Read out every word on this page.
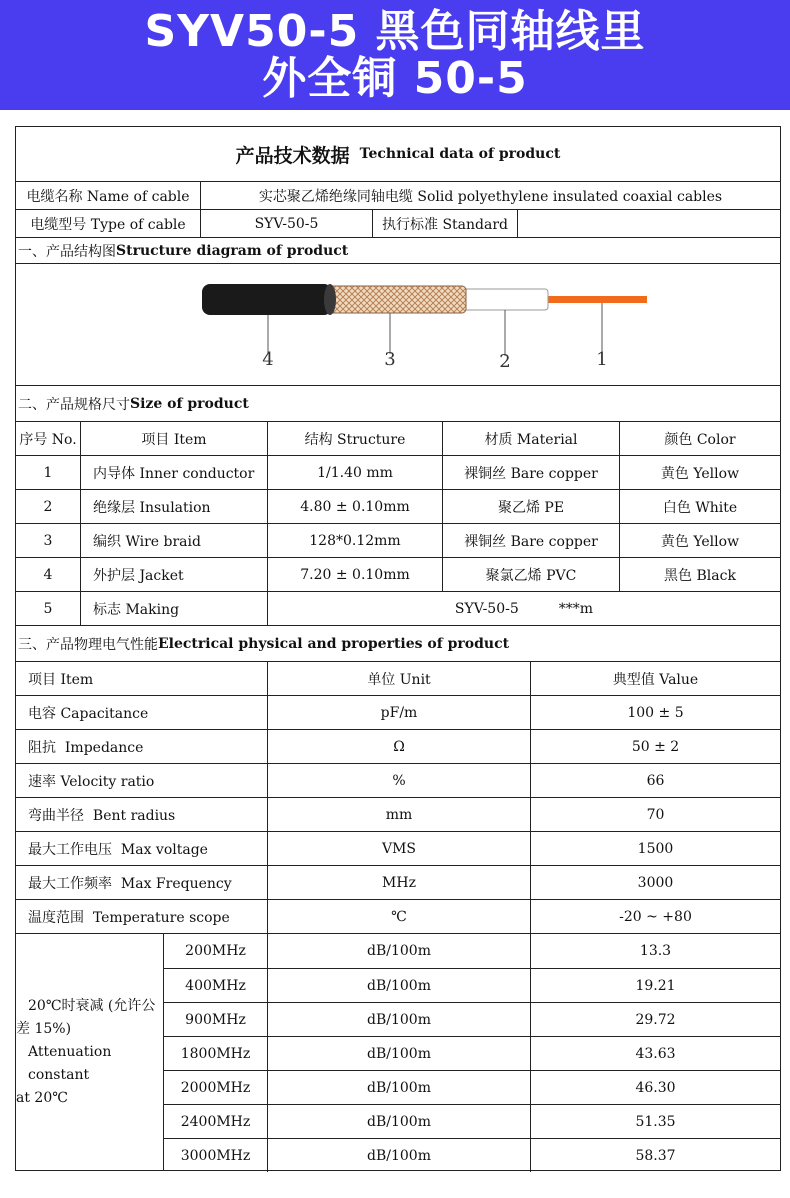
SYV50-5 黑色同轴线里
外全铜 50-5
产品技术数据 Technical data of product
电缆名称 Name of cable	实芯聚乙烯绝缘同轴电缆 Solid polyethylene insulated coaxial cables
电缆型号 Type of cable	SYV-50-5	执行标准 Standard
一、产品结构图 Structure diagram of product
4	3	2	1
二、产品规格尺寸 Size of product
序号 No.	项目 Item	结构 Structure	材质 Material	颜色 Color
1	内导体 Inner conductor	1/1.40 mm	裸铜丝 Bare copper	黄色 Yellow
2	绝缘层 Insulation	4.80 ± 0.10mm	聚乙烯 PE	白色 White
3	编织 Wire braid	128*0.12mm	裸铜丝 Bare copper	黄色 Yellow
4	外护层 Jacket	7.20 ± 0.10mm	聚氯乙烯 PVC	黑色 Black
5	标志 Making	SYV-50-5         ***m
三、产品物理电气性能 Electrical physical and properties of product
项目 Item	单位 Unit	典型值 Value
电容 Capacitance	pF/m	100 ± 5
阻抗  Impedance	Ω	50 ± 2
速率 Velocity ratio	%	66
弯曲半径  Bent radius	mm	70
最大工作电压  Max voltage	VMS	1500
最大工作频率  Max Frequency	MHz	3000
温度范围  Temperature scope	℃	-20 ~ +80
20℃时衰减 (允许公
差 15%)
Attenuation constant
at 20℃
200MHz	dB/100m	13.3
400MHz	dB/100m	19.21
900MHz	dB/100m	29.72
1800MHz	dB/100m	43.63
2000MHz	dB/100m	46.30
2400MHz	dB/100m	51.35
3000MHz	dB/100m	58.37
